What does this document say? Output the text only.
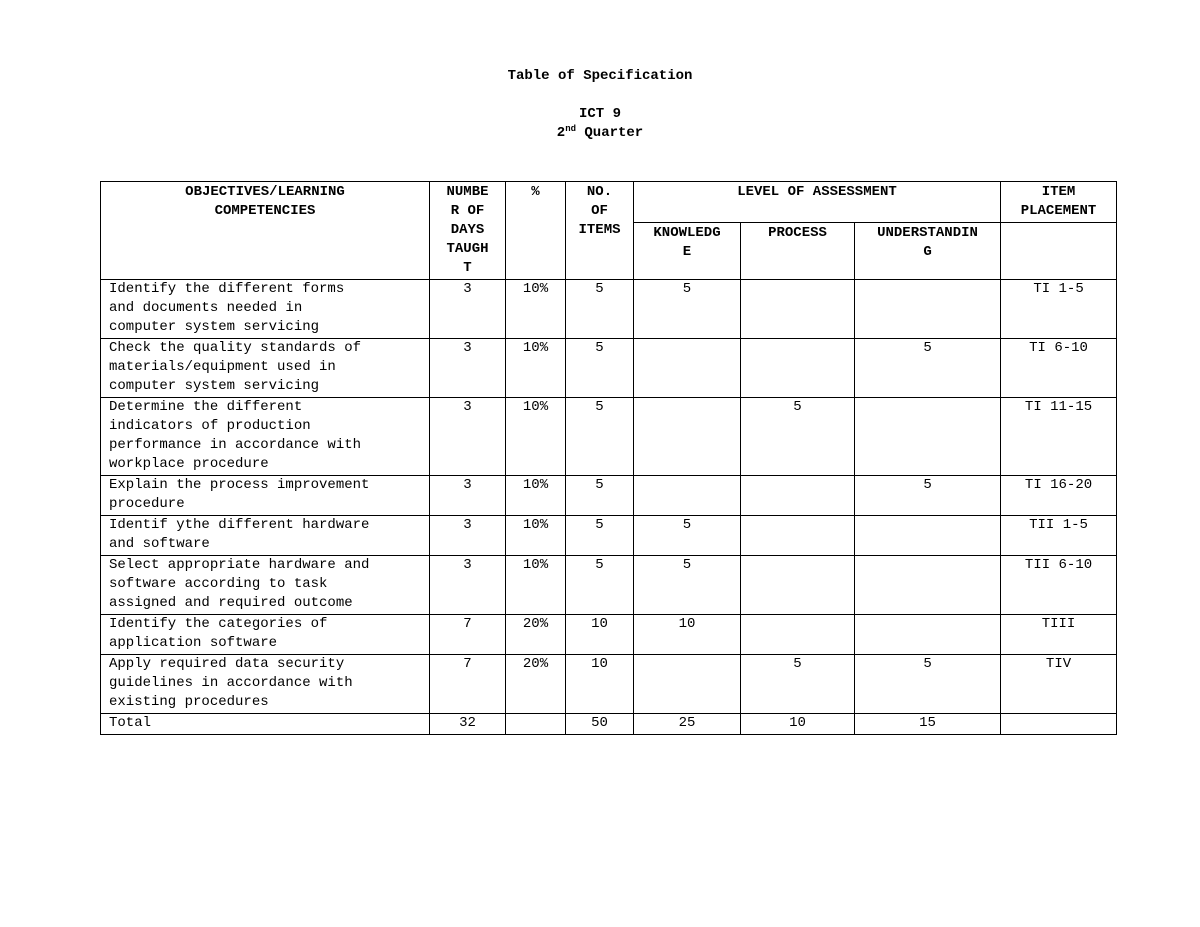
Table of Specification
ICT 9
2nd Quarter
OBJECTIVES/LEARNING
COMPETENCIES	NUMBE
R OF
DAYS
TAUGH
T	%	NO.
OF
ITEMS	LEVEL OF ASSESSMENT			ITEM
PLACEMENT
				KNOWLEDG
E	PROCESS	UNDERSTANDIN
G	
Identify the different forms
and documents needed in
computer system servicing	3	10%	5	5			TI 1-5
Check the quality standards of
materials/equipment used in
computer system servicing	3	10%	5			5	TI 6-10
Determine the different
indicators of production
performance in accordance with
workplace procedure	3	10%	5		5		TI 11-15
Explain the process improvement
procedure	3	10%	5			5	TI 16-20
Identif ythe different hardware
and software	3	10%	5	5			TII 1-5
Select appropriate hardware and
software according to task
assigned and required outcome	3	10%	5	5			TII 6-10
Identify the categories of
application software	7	20%	10	10			TIII
Apply required data security
guidelines in accordance with
existing procedures	7	20%	10		5	5	TIV
Total	32		50	25	10	15	
